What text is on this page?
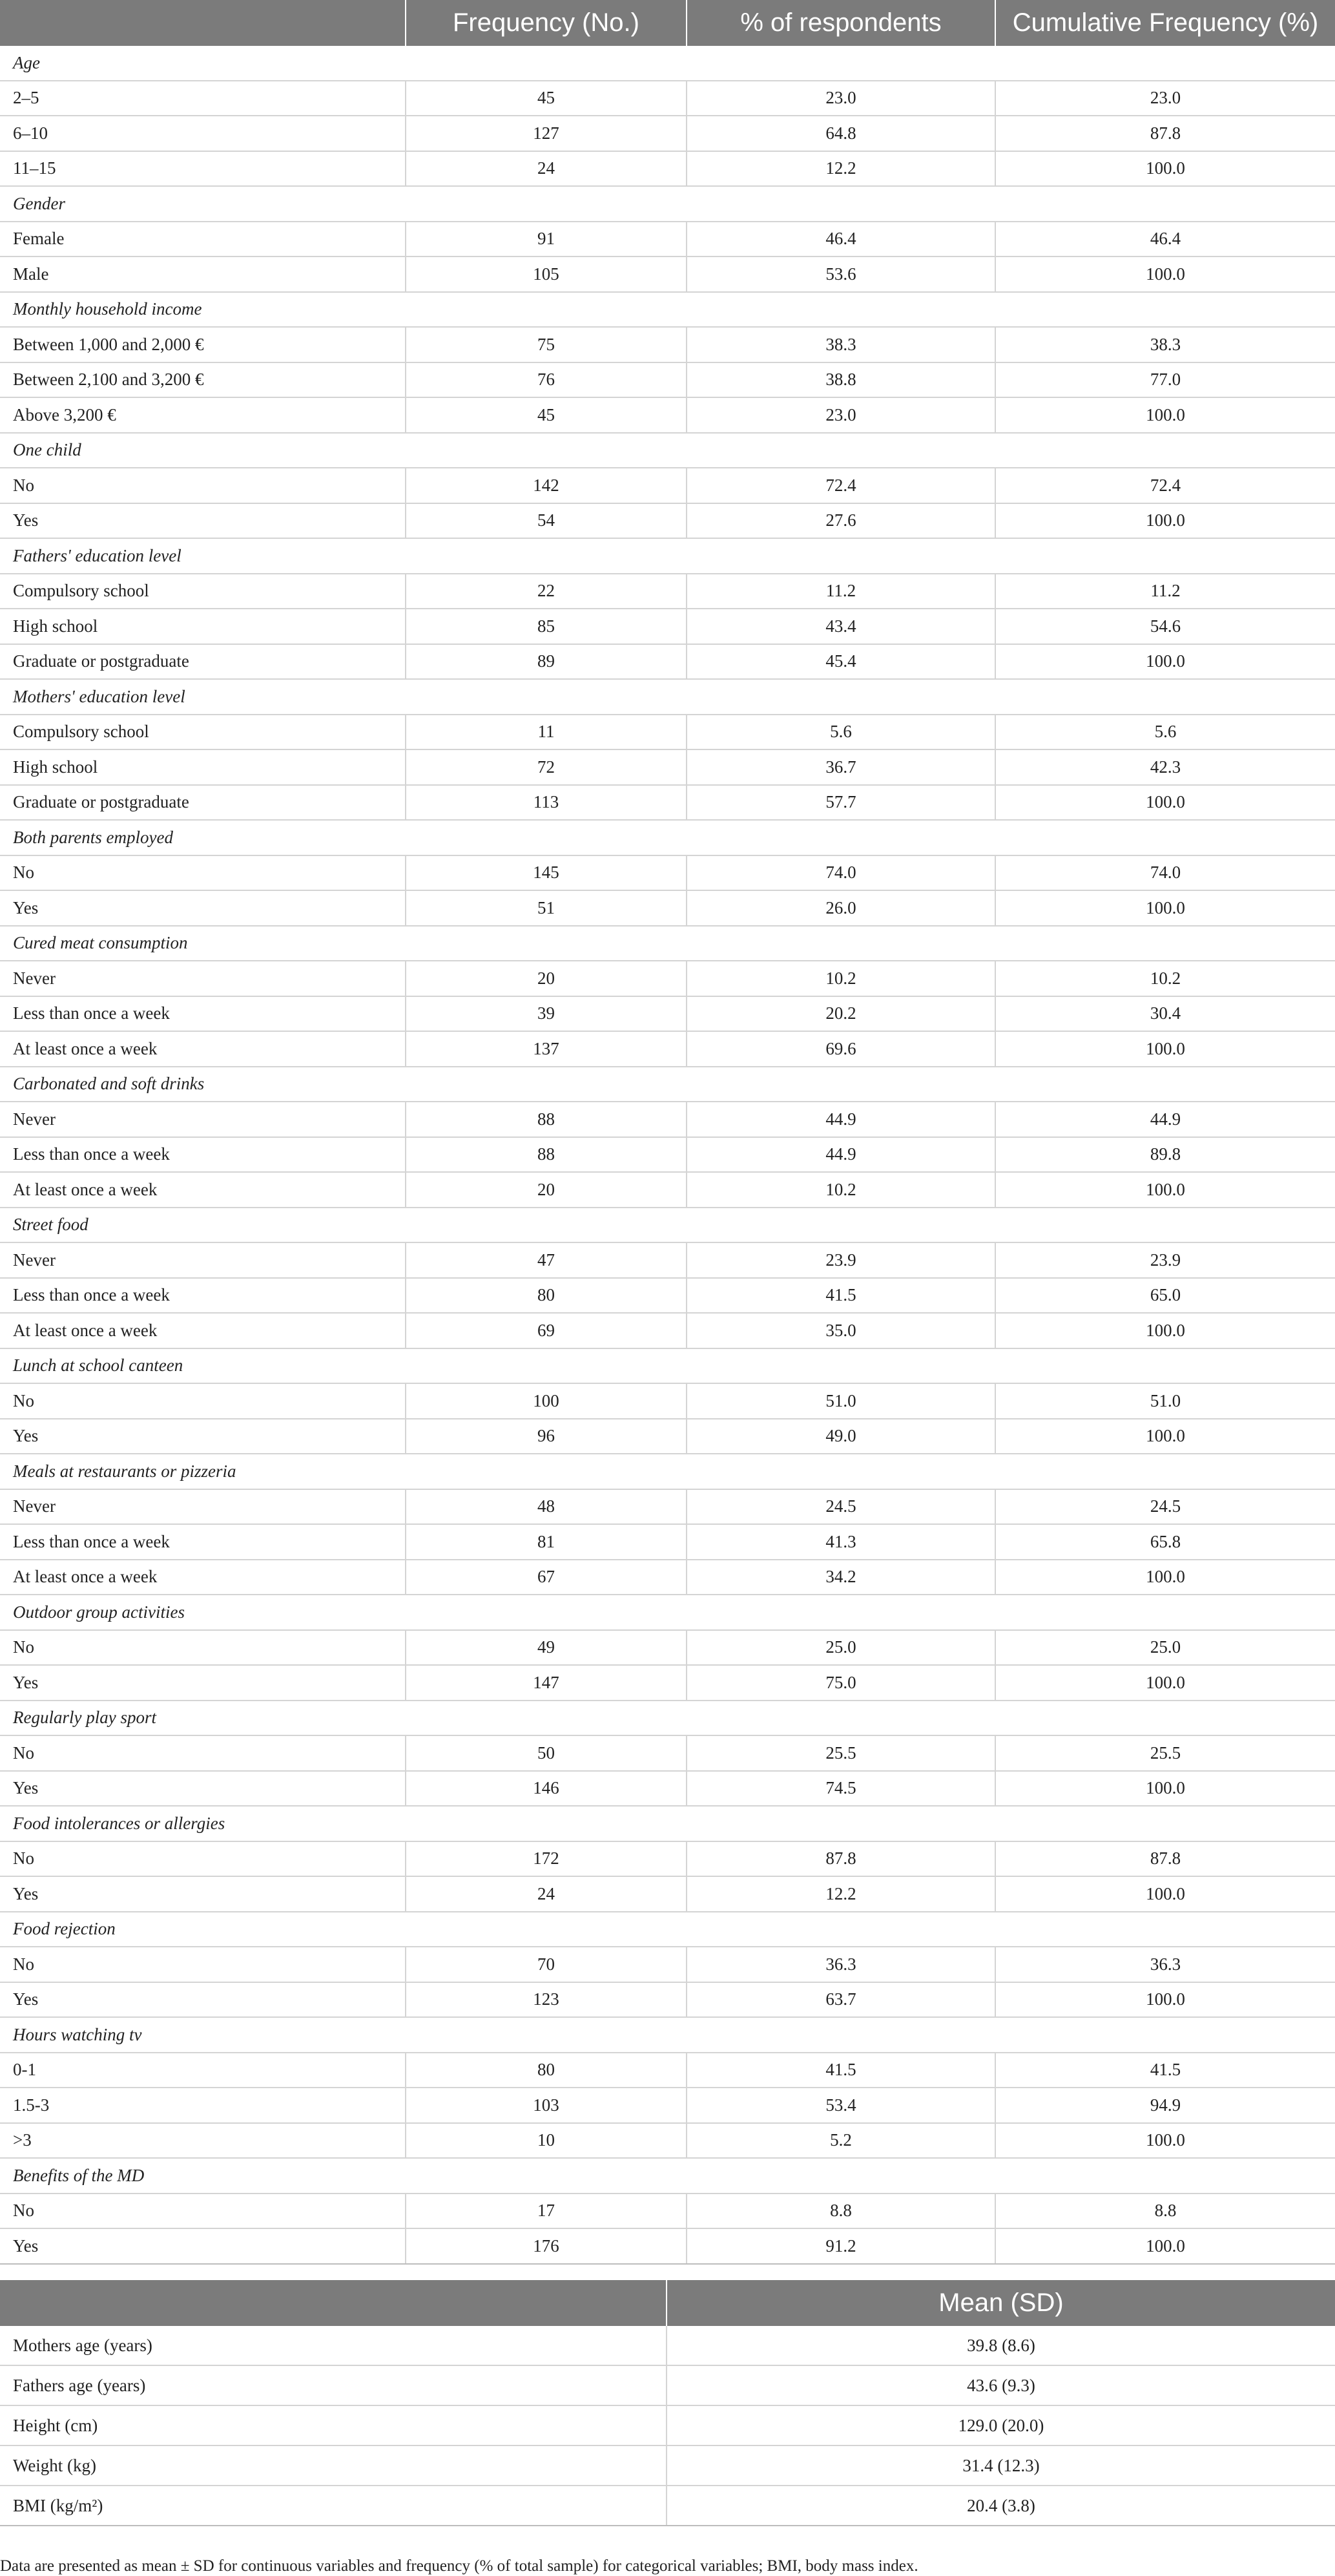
	Frequency (No.)	% of respondents	Cumulative Frequency (%)
Age			
2–5	45	23.0	23.0
6–10	127	64.8	87.8
11–15	24	12.2	100.0
Gender			
Female	91	46.4	46.4
Male	105	53.6	100.0
Monthly household income			
Between 1,000 and 2,000 €	75	38.3	38.3
Between 2,100 and 3,200 €	76	38.8	77.0
Above 3,200 €	45	23.0	100.0
One child			
No	142	72.4	72.4
Yes	54	27.6	100.0
Fathers' education level			
Compulsory school	22	11.2	11.2
High school	85	43.4	54.6
Graduate or postgraduate	89	45.4	100.0
Mothers' education level			
Compulsory school	11	5.6	5.6
High school	72	36.7	42.3
Graduate or postgraduate	113	57.7	100.0
Both parents employed			
No	145	74.0	74.0
Yes	51	26.0	100.0
Cured meat consumption			
Never	20	10.2	10.2
Less than once a week	39	20.2	30.4
At least once a week	137	69.6	100.0
Carbonated and soft drinks			
Never	88	44.9	44.9
Less than once a week	88	44.9	89.8
At least once a week	20	10.2	100.0
Street food			
Never	47	23.9	23.9
Less than once a week	80	41.5	65.0
At least once a week	69	35.0	100.0
Lunch at school canteen			
No	100	51.0	51.0
Yes	96	49.0	100.0
Meals at restaurants or pizzeria			
Never	48	24.5	24.5
Less than once a week	81	41.3	65.8
At least once a week	67	34.2	100.0
Outdoor group activities			
No	49	25.0	25.0
Yes	147	75.0	100.0
Regularly play sport			
No	50	25.5	25.5
Yes	146	74.5	100.0
Food intolerances or allergies			
No	172	87.8	87.8
Yes	24	12.2	100.0
Food rejection			
No	70	36.3	36.3
Yes	123	63.7	100.0
Hours watching tv			
0-1	80	41.5	41.5
1.5-3	103	53.4	94.9
>3	10	5.2	100.0
Benefits of the MD			
No	17	8.8	8.8
Yes	176	91.2	100.0
	Mean (SD)
Mothers age (years)	39.8 (8.6)
Fathers age (years)	43.6 (9.3)
Height (cm)	129.0 (20.0)
Weight (kg)	31.4 (12.3)
BMI (kg/m²)	20.4 (3.8)
Data are presented as mean ± SD for continuous variables and frequency (% of total sample) for categorical variables; BMI, body mass index.
